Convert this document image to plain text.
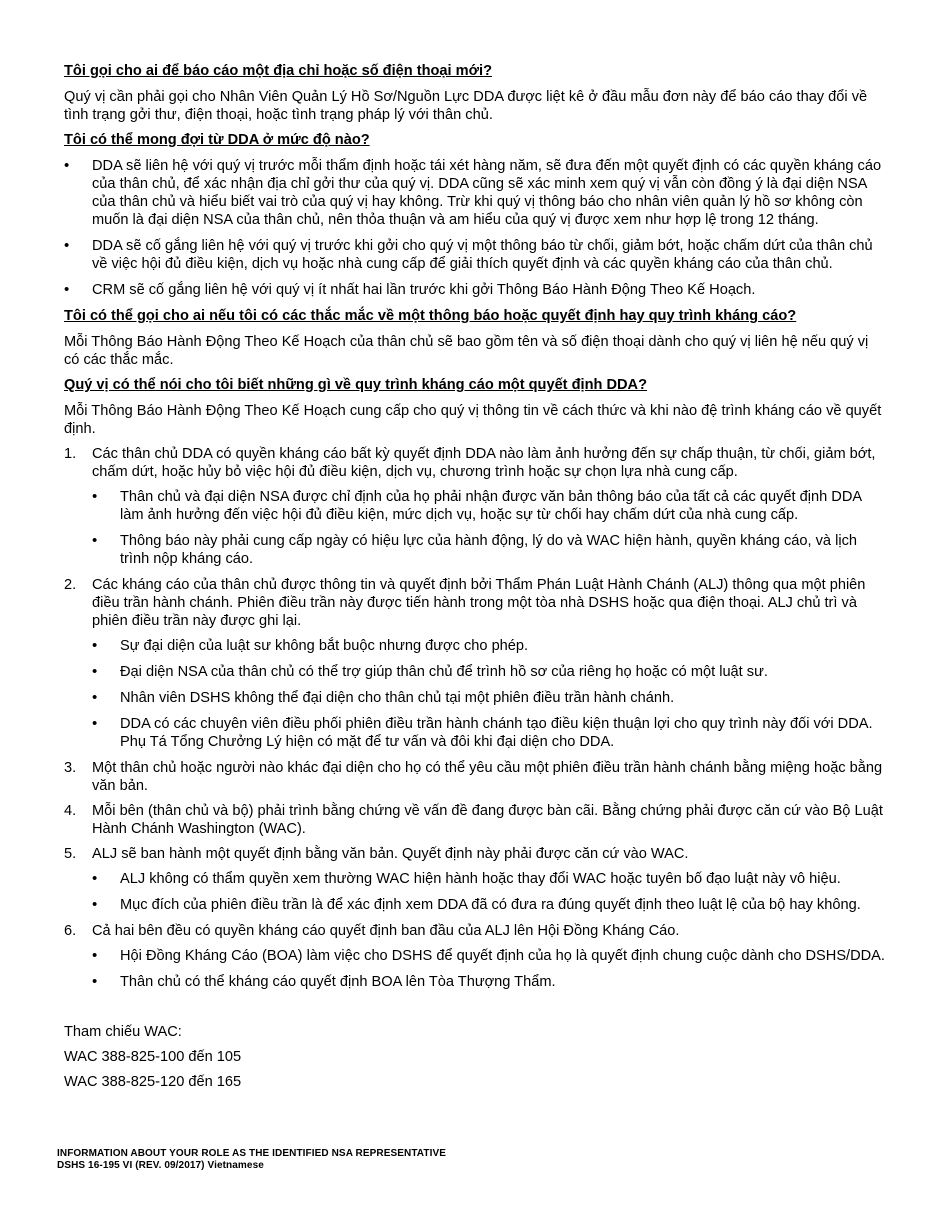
Tôi gọi cho ai để báo cáo một địa chỉ hoặc số điện thoại mới?

Quý vị cần phải gọi cho Nhân Viên Quản Lý Hồ Sơ/Nguồn Lực DDA được liệt kê ở đầu mẫu đơn này để báo cáo thay đổi về tình trạng gởi thư, điện thoại, hoặc tình trạng pháp lý với thân chủ.

Tôi có thể mong đợi từ DDA ở mức độ nào?
• DDA sẽ liên hệ với quý vị trước mỗi thẩm định hoặc tái xét hàng năm, sẽ đưa đến một quyết định có các quyền kháng cáo của thân chủ, để xác nhận địa chỉ gởi thư của quý vị. DDA cũng sẽ xác minh xem quý vị vẫn còn đồng ý là đại diện NSA của thân chủ và hiểu biết vai trò của quý vị hay không. Trừ khi quý vị thông báo cho nhân viên quản lý hồ sơ không còn muốn là đại diện NSA của thân chủ, nên thỏa thuận và am hiểu của quý vị được xem như hợp lệ trong 12 tháng.
• DDA sẽ cố gắng liên hệ với quý vị trước khi gởi cho quý vị một thông báo từ chối, giảm bớt, hoặc chấm dứt của thân chủ về việc hội đủ điều kiện, dịch vụ hoặc nhà cung cấp để giải thích quyết định và các quyền kháng cáo của thân chủ.
• CRM sẽ cố gắng liên hệ với quý vị ít nhất hai lần trước khi gởi Thông Báo Hành Động Theo Kế Hoạch.
Tôi có thể gọi cho ai nếu tôi có các thắc mắc về một thông báo hoặc quyết định hay quy trình kháng cáo?

Mỗi Thông Báo Hành Động Theo Kế Hoạch của thân chủ sẽ bao gồm tên và số điện thoại dành cho quý vị liên hệ nếu quý vị có các thắc mắc.

Quý vị có thể nói cho tôi biết những gì về quy trình kháng cáo một quyết định DDA?

Mỗi Thông Báo Hành Động Theo Kế Hoạch cung cấp cho quý vị thông tin về cách thức và khi nào đệ trình kháng cáo về quyết định.

1.	Các thân chủ DDA có quyền kháng cáo bất kỳ quyết định DDA nào làm ảnh hưởng đến sự chấp thuận, từ chối, giảm bớt, chấm dứt, hoặc hủy bỏ việc hội đủ điều kiện, dịch vụ, chương trình hoặc sự chọn lựa nhà cung cấp.
• Thân chủ và đại diện NSA được chỉ định của họ phải nhận được văn bản thông báo của tất cả các quyết định DDA làm ảnh hưởng đến việc hội đủ điều kiện, mức dịch vụ, hoặc sự từ chối hay chấm dứt của nhà cung cấp.
• Thông báo này phải cung cấp ngày có hiệu lực của hành động, lý do và WAC hiện hành, quyền kháng cáo, và lịch trình nộp kháng cáo.
2.	Các kháng cáo của thân chủ được thông tin và quyết định bởi Thẩm Phán Luật Hành Chánh (ALJ) thông qua một phiên điều trần hành chánh. Phiên điều trần này được tiến hành trong một tòa nhà DSHS hoặc qua điện thoại. ALJ chủ trì và phiên điều trần này được ghi lại.
• Sự đại diện của luật sư không bắt buộc nhưng được cho phép.
• Đại diện NSA của thân chủ có thể trợ giúp thân chủ để trình hồ sơ của riêng họ hoặc có một luật sư.
• Nhân viên DSHS không thể đại diện cho thân chủ tại một phiên điều trần hành chánh.
• DDA có các chuyên viên điều phối phiên điều trần hành chánh tạo điều kiện thuận lợi cho quy trình này đối với DDA. Phụ Tá Tổng Chưởng Lý hiện có mặt để tư vấn và đôi khi đại diện cho DDA.
3.	Một thân chủ hoặc người nào khác đại diện cho họ có thể yêu cầu một phiên điều trần hành chánh bằng miệng hoặc bằng văn bản.
4.	Mỗi bên (thân chủ và bộ) phải trình bằng chứng về vấn đề đang được bàn cãi. Bằng chứng phải được căn cứ vào Bộ Luật Hành Chánh Washington (WAC).
5.	ALJ sẽ ban hành một quyết định bằng văn bản. Quyết định này phải được căn cứ vào WAC.
• ALJ không có thẩm quyền xem thường WAC hiện hành hoặc thay đổi WAC hoặc tuyên bố đạo luật này vô hiệu.
• Mục đích của phiên điều trần là để xác định xem DDA đã có đưa ra đúng quyết định theo luật lệ của bộ hay không.
6.	Cả hai bên đều có quyền kháng cáo quyết định ban đầu của ALJ lên Hội Đồng Kháng Cáo.
• Hội Đồng Kháng Cáo (BOA) làm việc cho DSHS để quyết định của họ là quyết định chung cuộc dành cho DSHS/DDA.
• Thân chủ có thể kháng cáo quyết định BOA lên Tòa Thượng Thẩm.
Tham chiếu WAC:
WAC 388-825-100 đến 105
WAC 388-825-120 đến 165
INFORMATION ABOUT YOUR ROLE AS THE IDENTIFIED NSA REPRESENTATIVE
DSHS 16-195 VI (REV. 09/2017) Vietnamese
